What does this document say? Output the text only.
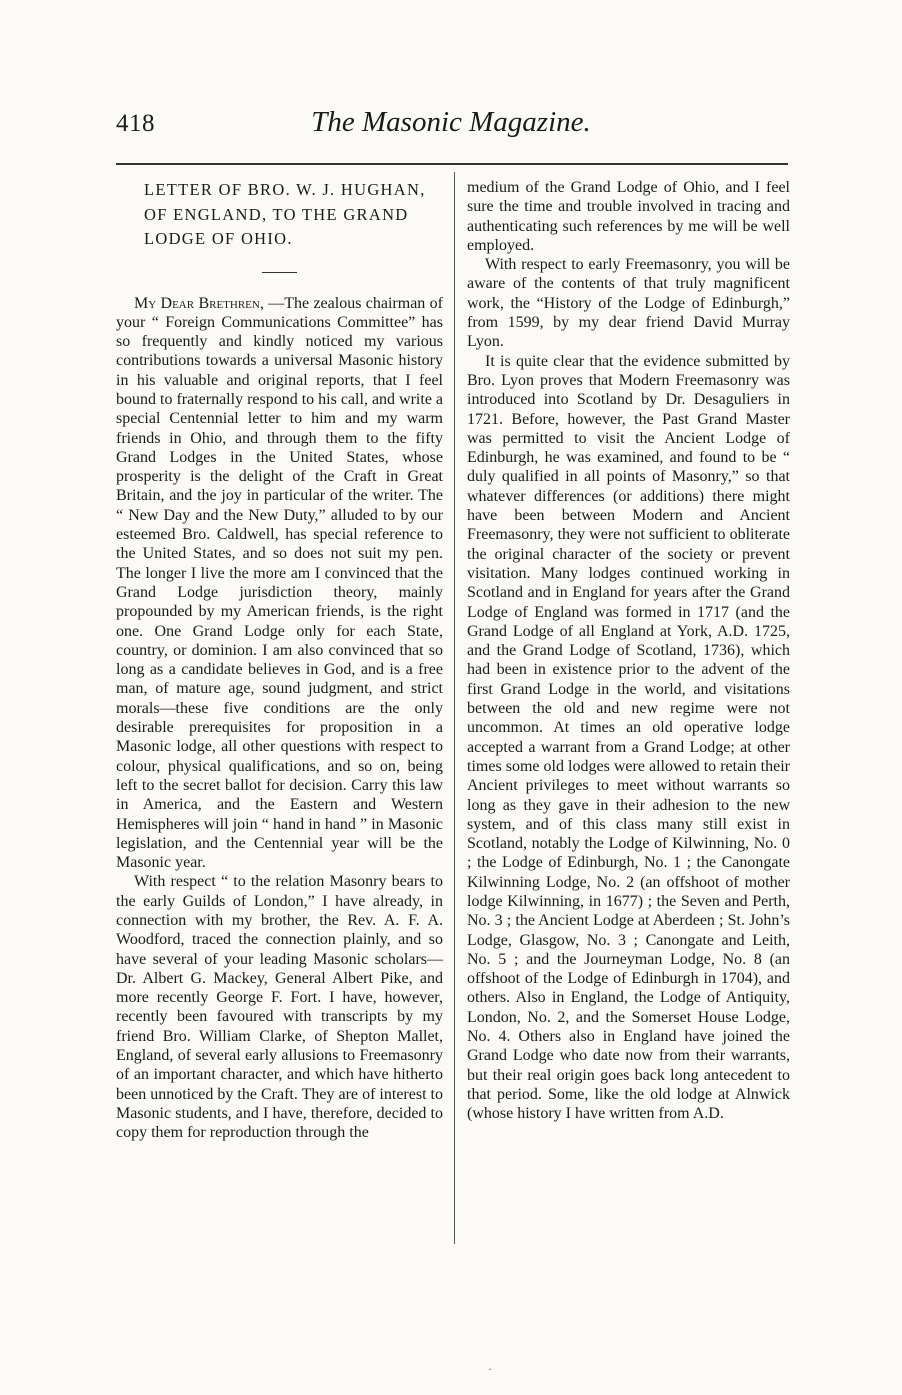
418	The Masonic Magazine.
LETTER OF BRO. W. J. HUGHAN, OF ENGLAND, TO THE GRAND LODGE OF OHIO.

My Dear Brethren, —The zealous chairman of your “ Foreign Communications Committee” has so frequently and kindly noticed my various contributions towards a universal Masonic history in his valuable and original reports, that I feel bound to fraternally respond to his call, and write a special Centennial letter to him and my warm friends in Ohio, and through them to the fifty Grand Lodges in the United States, whose prosperity is the delight of the Craft in Great Britain, and the joy in particular of the writer. The “ New Day and the New Duty,” alluded to by our esteemed Bro. Caldwell, has special reference to the United States, and so does not suit my pen. The longer I live the more am I convinced that the Grand Lodge jurisdiction theory, mainly propounded by my American friends, is the right one. One Grand Lodge only for each State, country, or dominion. I am also convinced that so long as a candidate believes in God, and is a free man, of mature age, sound judgment, and strict morals—these five conditions are the only desirable prerequisites for proposition in a Masonic lodge, all other questions with respect to colour, physical qualifications, and so on, being left to the secret ballot for decision. Carry this law in America, and the Eastern and Western Hemispheres will join “ hand in hand ” in Masonic legislation, and the Centennial year will be the Masonic year.

With respect “ to the relation Masonry bears to the early Guilds of London,” I have already, in connection with my brother, the Rev. A. F. A. Woodford, traced the connection plainly, and so have several of your leading Masonic scholars—Dr. Albert G. Mackey, General Albert Pike, and more recently George F. Fort. I have, however, recently been favoured with transcripts by my friend Bro. William Clarke, of Shepton Mallet, England, of several early allusions to Freemasonry of an important character, and which have hitherto been unnoticed by the Craft. They are of interest to Masonic students, and I have, therefore, decided to copy them for reproduction through the

medium of the Grand Lodge of Ohio, and I feel sure the time and trouble involved in tracing and authenticating such references by me will be well employed.

With respect to early Freemasonry, you will be aware of the contents of that truly magnificent work, the “History of the Lodge of Edinburgh,” from 1599, by my dear friend David Murray Lyon.

It is quite clear that the evidence submitted by Bro. Lyon proves that Modern Freemasonry was introduced into Scotland by Dr. Desaguliers in 1721. Before, however, the Past Grand Master was permitted to visit the Ancient Lodge of Edinburgh, he was examined, and found to be “ duly qualified in all points of Masonry,” so that whatever differences (or additions) there might have been between Modern and Ancient Freemasonry, they were not sufficient to obliterate the original character of the society or prevent visitation. Many lodges continued working in Scotland and in England for years after the Grand Lodge of England was formed in 1717 (and the Grand Lodge of all England at York, A.D. 1725, and the Grand Lodge of Scotland, 1736), which had been in existence prior to the advent of the first Grand Lodge in the world, and visitations between the old and new regime were not uncommon. At times an old operative lodge accepted a warrant from a Grand Lodge; at other times some old lodges were allowed to retain their Ancient privileges to meet without warrants so long as they gave in their adhesion to the new system, and of this class many still exist in Scotland, notably the Lodge of Kilwinning, No. 0 ; the Lodge of Edinburgh, No. 1 ; the Canongate Kilwinning Lodge, No. 2 (an offshoot of mother lodge Kilwinning, in 1677) ; the Seven and Perth, No. 3 ; the Ancient Lodge at Aberdeen ; St. John’s Lodge, Glasgow, No. 3 ; Canongate and Leith, No. 5 ; and the Journeyman Lodge, No. 8 (an offshoot of the Lodge of Edinburgh in 1704), and others. Also in England, the Lodge of Antiquity, London, No. 2, and the Somerset House Lodge, No. 4. Others also in England have joined the Grand Lodge who date now from their warrants, but their real origin goes back long antecedent to that period. Some, like the old lodge at Alnwick (whose history I have written from A.D.

·
